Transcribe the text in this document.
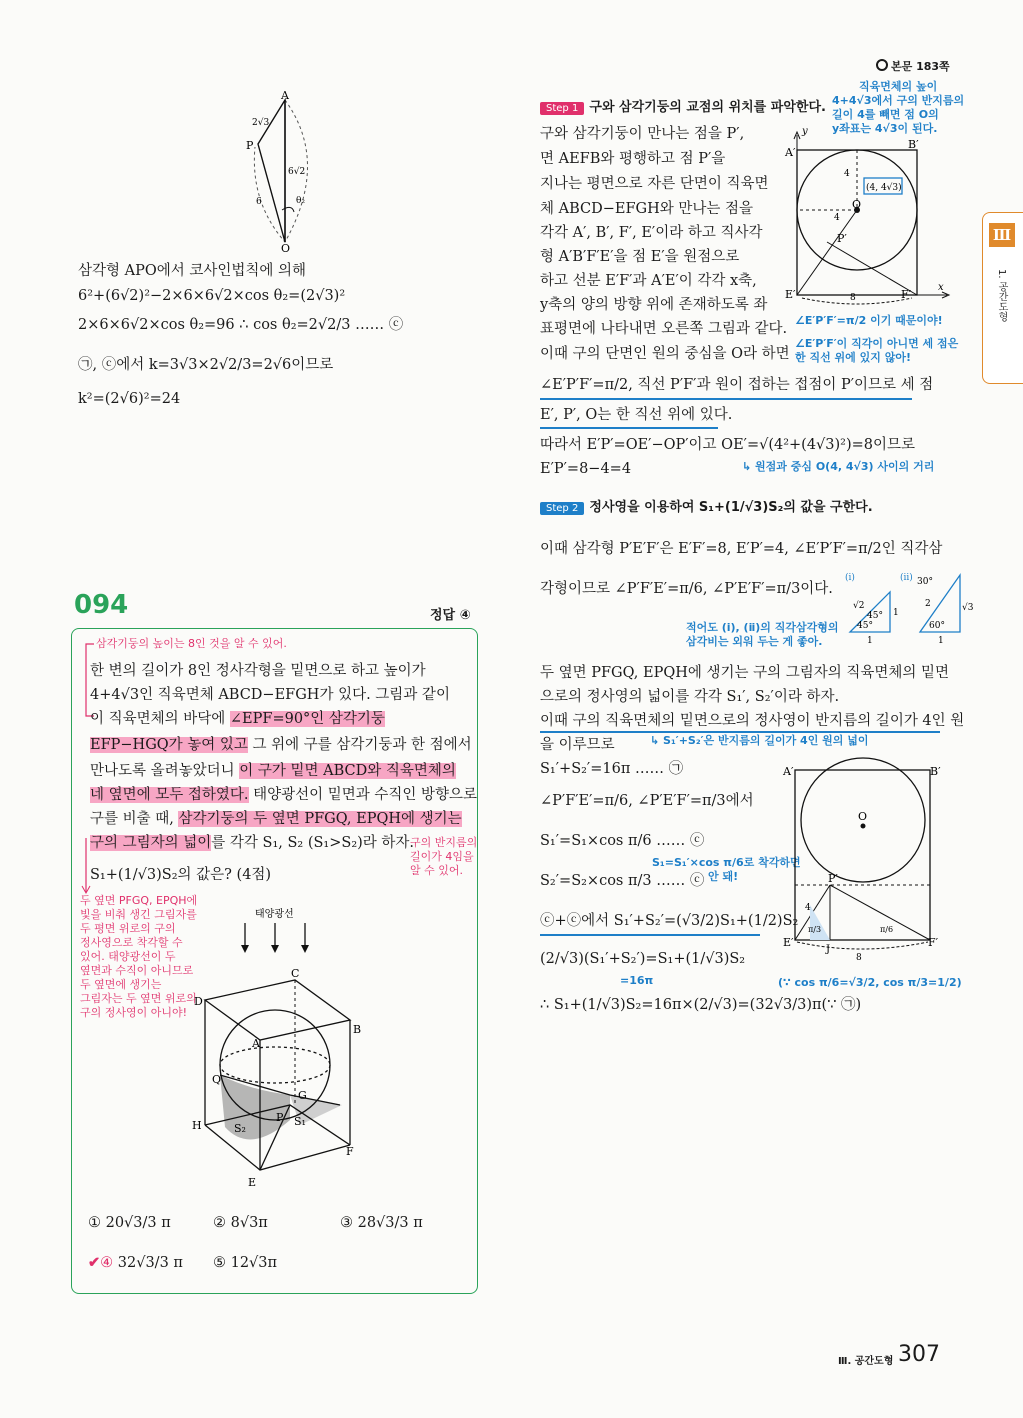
본문 183쪽
Ⅲ
1. 공간도형
A
P
O
2√3
6√2
6	θ₂
삼각형 APO에서 코사인법칙에 의해
6²+(6√2)²−2×6×6√2×cos θ₂=(2√3)²
2×6×6√2×cos θ₂=96 ∴ cos θ₂=2√2/3 …… ⓒ
㉠, ⓒ에서 k=3√3×2√2/3=2√6이므로
k²=(2√6)²=24
094	정답 ④
삼각기둥의 높이는 8인 것을 알 수 있어.
한 변의 길이가 8인 정사각형을 밑면으로 하고 높이가
4+4√3인 직육면체 ABCD−EFGH가 있다. 그림과 같이
이 직육면체의 바닥에 ∠EPF=90°인 삼각기둥
EFP−HGQ가 놓여 있고 그 위에 구를 삼각기둥과 한 점에서
만나도록 올려놓았더니 이 구가 밑면 ABCD와 직육면체의
네 옆면에 모두 접하였다. 태양광선이 밑면과 수직인 방향으로
구를 비출 때, 삼각기둥의 두 옆면 PFGQ, EPQH에 생기는
구의 그림자의 넓이를 각각 S₁, S₂ (S₁>S₂)라 하자.
S₁+(1/√3)S₂의 값은? (4점)
구의 반지름의
길이가 4임을
알 수 있어.
두 옆면 PFGQ, EPQH에
빛을 비춰 생긴 그림자를
두 평면 위로의 구의
정사영으로 착각할 수
있어. 태양광선이 두
옆면과 수직이 아니므로
두 옆면에 생기는
그림자는 두 옆면 위로의
구의 정사영이 아니야!
태양광선
C
D
B
A
Q
G
H
P S₁
S₂
F
E
① 20√3/3 π	② 8√3π	③ 28√3/3 π
✔④ 32√3/3 π ⑤ 12√3π
Step 1 구와 삼각기둥의 교점의 위치를 파악한다.
직육면체의 높이
4+4√3에서 구의 반지름의
길이 4를 빼면 점 O의
y좌표는 4√3이 된다.
구와 삼각기둥이 만나는 점을 P′,
면 AEFB와 평행하고 점 P′을
지나는 평면으로 자른 단면이 직육면
체 ABCD−EFGH와 만나는 점을
각각 A′, B′, F′, E′이라 하고 직사각
형 A′B′F′E′을 점 E′을 원점으로
하고 선분 E′F′과 A′E′이 각각 x축,
y축의 양의 방향 위에 존재하도록 좌
표평면에 나타내면 오른쪽 그림과 같다.
이때 구의 단면인 원의 중심을 O라 하면
∠E′P′F′=π/2 이기 때문이야!
∠E′P′F′이 직각이 아니면 세 점은
한 직선 위에 있지 않아!
y
x
A′
B′
E′	F′
O
P′
(4, 4√3)
4
4
8
∠E′P′F′=π/2, 직선 P′F′과 원이 접하는 접점이 P′이므로 세 점
E′, P′, O는 한 직선 위에 있다.
따라서 E′P′=OE′−OP′이고 OE′=√(4²+(4√3)²)=8이므로
E′P′=8−4=4	↳ 원점과 중심 O(4, 4√3) 사이의 거리
Step 2 정사영을 이용하여 S₁+(1/√3)S₂의 값을 구한다.
이때 삼각형 P′E′F′은 E′F′=8, E′P′=4, ∠E′P′F′=π/2인 직각삼
각형이므로 ∠P′F′E′=π/6, ∠P′E′F′=π/3이다.
(ⅰ)	(ⅱ)
45°
45°
√2
1
1
30°
2	√3
60°
1
적어도 (ⅰ), (ⅱ)의 직각삼각형의
삼각비는 외워 두는 게 좋아.
두 옆면 PFGQ, EPQH에 생기는 구의 그림자의 직육면체의 밑면
으로의 정사영의 넓이를 각각 S₁′, S₂′이라 하자.
이때 구의 직육면체의 밑면으로의 정사영이 반지름의 길이가 4인 원
을 이루므로	↳ S₁′+S₂′은 반지름의 길이가 4인 원의 넓이
S₁′+S₂′=16π …… ㉠
∠P′F′E′=π/6, ∠P′E′F′=π/3에서
S₁′=S₁×cos π/6 …… ⓒ
S₁=S₁′×cos π/6로 착각하면
안 돼!
S₂′=S₂×cos π/3 …… ⓒ
ⓒ+ⓒ에서 S₁′+S₂′=(√3/2)S₁+(1/2)S₂
(2/√3)(S₁′+S₂′)=S₁+(1/√3)S₂
=16π
∴ S₁+(1/√3)S₂=16π×(2/√3)=(32√3/3)π(∵ ㉠)
(∵ cos π/6=√3/2, cos π/3=1/2)
A′	B′
O
P′
E′	F′
J
4
8
π/3	π/6
Ⅲ. 공간도형 307
